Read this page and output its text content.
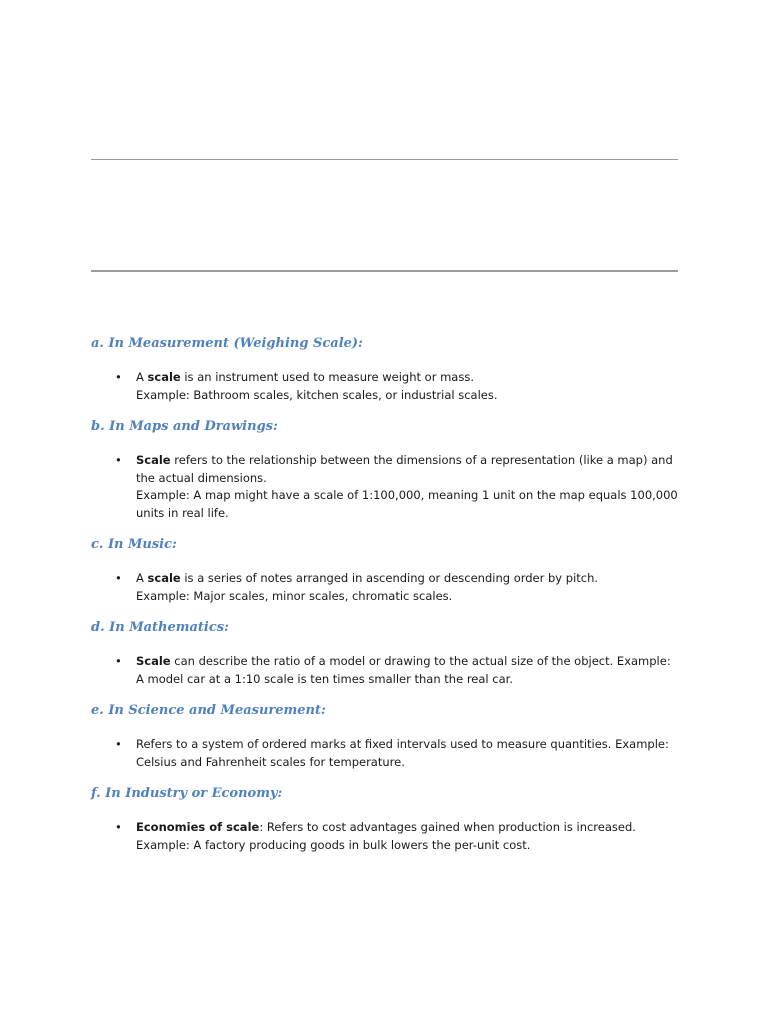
a. In Measurement (Weighing Scale):
• A scale is an instrument used to measure weight or mass.
Example: Bathroom scales, kitchen scales, or industrial scales.
b. In Maps and Drawings:
• Scale refers to the relationship between the dimensions of a representation (like a map) and the actual dimensions.
Example: A map might have a scale of 1:100,000, meaning 1 unit on the map equals 100,000 units in real life.
c. In Music:
• A scale is a series of notes arranged in ascending or descending order by pitch.
Example: Major scales, minor scales, chromatic scales.
d. In Mathematics:
• Scale can describe the ratio of a model or drawing to the actual size of the object. Example: A model car at a 1:10 scale is ten times smaller than the real car.
e. In Science and Measurement:
• Refers to a system of ordered marks at fixed intervals used to measure quantities. Example: Celsius and Fahrenheit scales for temperature.
f. In Industry or Economy:
• Economies of scale: Refers to cost advantages gained when production is increased. Example: A factory producing goods in bulk lowers the per-unit cost.
